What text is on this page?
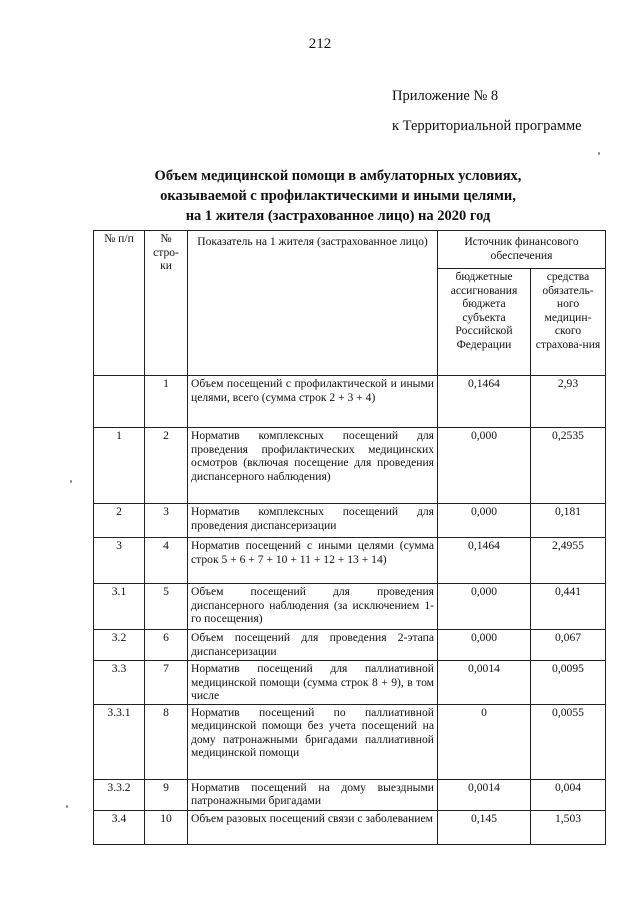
212
Приложение № 8
к Территориальной программе
Объем медицинской помощи в амбулаторных условиях,
оказываемой с профилактическими и иными целями,
на 1 жителя (застрахованное лицо) на 2020 год
№ п/п	№ стро-ки	Показатель на 1 жителя (застрахованное лицо)	Источник финансового обеспечения	
			бюджетные ассигнования бюджета субъекта Российской Федерации	средства обязатель-ного медицин-ского страхова-ния
	1	Объем посещений с профилактической и иными целями, всего (сумма строк 2 + 3 + 4)	0,1464	2,93
1	2	Норматив комплексных посещений для проведения профилактических медицинских осмотров (включая посещение для проведения диспансерного наблюдения)	0,000	0,2535
2	3	Норматив комплексных посещений для проведения диспансеризации	0,000	0,181
3	4	Норматив посещений с иными целями (сумма строк 5 + 6 + 7 + 10 + 11 + 12 + 13 + 14)	0,1464	2,4955
3.1	5	Объем посещений для проведения диспансерного наблюдения (за исключением 1-го посещения)	0,000	0,441
3.2	6	Объем посещений для проведения 2-этапа диспансеризации	0,000	0,067
3.3	7	Норматив посещений для паллиативной медицинской помощи (сумма строк 8 + 9), в том числе	0,0014	0,0095
3.3.1	8	Норматив посещений по паллиативной медицинской помощи без учета посещений на дому патронажными бригадами паллиативной медицинской помощи	0	0,0055
3.3.2	9	Норматив посещений на дому выездными патронажными бригадами	0,0014	0,004
3.4	10	Объем разовых посещений связи с заболеванием	0,145	1,503
